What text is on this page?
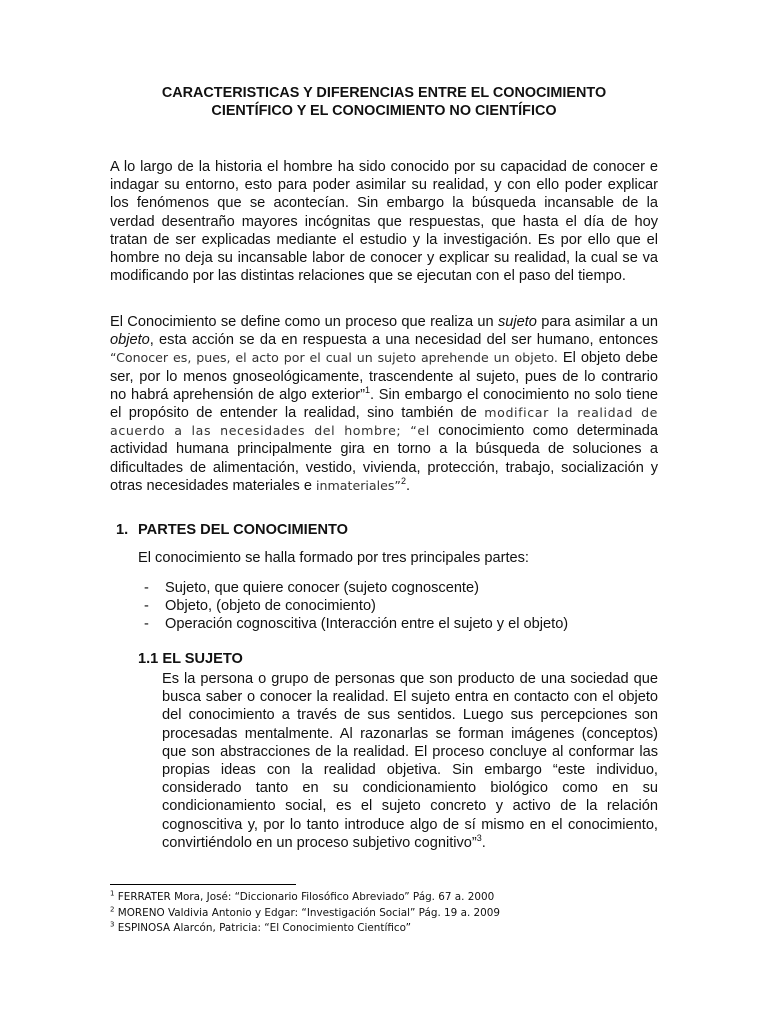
CARACTERISTICAS Y DIFERENCIAS ENTRE EL CONOCIMIENTO
CIENTÍFICO Y EL CONOCIMIENTO NO CIENTÍFICO

A lo largo de la historia el hombre ha sido conocido por su capacidad de conocer e indagar su entorno, esto para poder asimilar su realidad, y con ello poder explicar los fenómenos que se acontecían. Sin embargo la búsqueda incansable de la verdad desentraño mayores incógnitas que respuestas, que hasta el día de hoy tratan de ser explicadas mediante el estudio y la investigación. Es por ello que el hombre no deja su incansable labor de conocer y explicar su realidad, la cual se va modificando por las distintas relaciones que se ejecutan con el paso del tiempo.

El Conocimiento se define como un proceso que realiza un sujeto para asimilar a un objeto, esta acción se da en respuesta a una necesidad del ser humano, entonces “Conocer es, pues, el acto por el cual un sujeto aprehende un objeto. El objeto debe ser, por lo menos gnoseológicamente, trascendente al sujeto, pues de lo contrario no habrá aprehensión de algo exterior”$^1$. Sin embargo el conocimiento no solo tiene el propósito de entender la realidad, sino también de modificar la realidad de acuerdo a las necesidades del hombre; “el conocimiento como determinada actividad humana principalmente gira en torno a la búsqueda de soluciones a dificultades de alimentación, vestido, vivienda, protección, trabajo, socialización y otras necesidades materiales e inmateriales”$^2$.

1. PARTES DEL CONOCIMIENTO
El conocimiento se halla formado por tres principales partes:
- Sujeto, que quiere conocer (sujeto cognoscente)
- Objeto, (objeto de conocimiento)
- Operación cognoscitiva (Interacción entre el sujeto y el objeto)
1.1 EL SUJETO

Es la persona o grupo de personas que son producto de una sociedad que busca saber o conocer la realidad. El sujeto entra en contacto con el objeto del conocimiento a través de sus sentidos. Luego sus percepciones son procesadas mentalmente. Al razonarlas se forman imágenes (conceptos) que son abstracciones de la realidad. El proceso concluye al conformar las propias ideas con la realidad objetiva. Sin embargo “este individuo, considerado tanto en su condicionamiento biológico como en su condicionamiento social, es el sujeto concreto y activo de la relación cognoscitiva y, por lo tanto introduce algo de sí mismo en el conocimiento, convirtiéndolo en un proceso subjetivo cognitivo”$^3$.

$^1$ FERRATER Mora, José: “Diccionario Filosófico Abreviado” Pág. 67 a. 2000
$^2$ MORENO Valdivia Antonio y Edgar: “Investigación Social” Pág. 19 a. 2009
$^3$ ESPINOSA Alarcón, Patricia: “El Conocimiento Científico”
